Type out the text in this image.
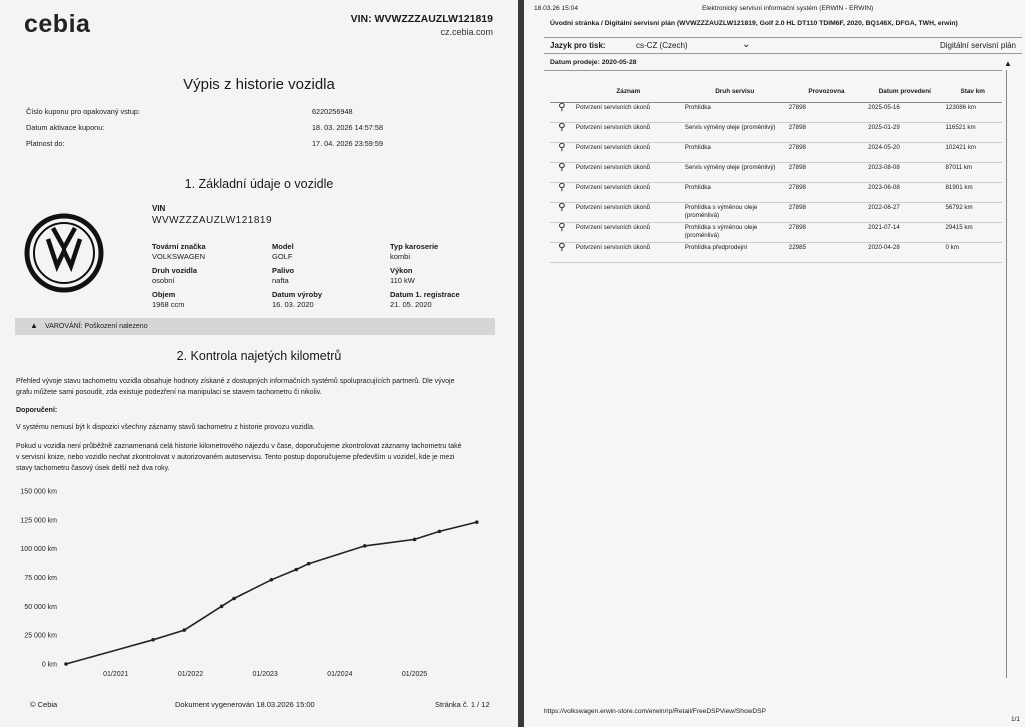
cebia	VIN: WVWZZZAUZLW121819
cz.cebia.com
Výpis z historie vozidla
Číslo kuponu pro opakovaný vstup:	6220256948
Datum aktivace kuponu:	18. 03. 2026 14:57:58
Platnost do:	17. 04. 2026 23:59:59
1. Základní údaje o vozidle
VIN
WVWZZZAUZLW121819
Tovární značka
VOLKSWAGEN
Model
GOLF
Typ karoserie
kombi
Druh vozidla
osobní
Palivo
nafta
Výkon
110 kW
Objem
1968 ccm
Datum výroby
16. 03. 2020
Datum 1. registrace
21. 05. 2020
▲ VAROVÁNÍ: Poškození nalezeno
2. Kontrola najetých kilometrů
Přehled vývoje stavu tachometru vozidla obsahuje hodnoty získané z dostupných informačních systémů spolupracujících partnerů. Dle vývoje
grafu můžete sami posoudit, zda existuje podezření na manipulaci se stavem tachometru či nikoliv.
Doporučení:
V systému nemusí být k dispozici všechny záznamy stavů tachometru z historie provozu vozidla.
Pokud u vozidla není průběžně zaznamenaná celá historie kilometrového nájezdu v čase, doporučujeme zkontrolovat záznamy tachometru také
v servisní knize, nebo vozidlo nechat zkontrolovat v autorizovaném autoservisu. Tento postup doporučujeme především u vozidel, kde je mezi
stavy tachometru časový úsek delší než dva roky.
0 km
25 000 km
50 000 km
75 000 km
100 000 km
125 000 km
150 000 km
01/2021	01/2022	01/2023	01/2024	01/2025
© Cebia	Dokument vygenerován 18.03.2026 15:00	Stránka č. 1 / 12
18.03.26 15:04	Elektronický servisní informační systém (ERWIN - ERWIN)
Úvodní stránka / Digitální servisní plán (WVWZZZAUZLW121819, Golf 2.0 HL DT110 TDIM6F, 2020, BQ146X, DFGA, TWH, erwin)
Jazyk pro tisk:	cs-CZ (Czech)	⌄	Digitální servisní plán
Datum prodeje: 2020-05-28	▲
	Záznam	Druh servisu	Provozovna	Datum provedení	Stav km
⚲	Potvrzení servisních úkonů	Prohlídka	27898	2025-05-16	123086 km
⚲	Potvrzení servisních úkonů	Servis výměny oleje (proměnlivý)	27898	2025-01-29	116521 km
⚲	Potvrzení servisních úkonů	Prohlídka	27898	2024-05-20	102421 km
⚲	Potvrzení servisních úkonů	Servis výměny oleje (proměnlivý)	27898	2023-08-08	87011 km
⚲	Potvrzení servisních úkonů	Prohlídka	27898	2023-06-08	81901 km
⚲	Potvrzení servisních úkonů	Prohlídka s výměnou oleje (proměnlivá)	27898	2022-06-27	56792 km
⚲	Potvrzení servisních úkonů	Prohlídka s výměnou oleje (proměnlivá)	27898	2021-07-14	29415 km
⚲	Potvrzení servisních úkonů	Prohlídka předprodejní	22985	2020-04-28	0 km
https://volkswagen.erwin-store.com/erwin/rp/Retail/FreeDSPView/ShowDSP
1/1
